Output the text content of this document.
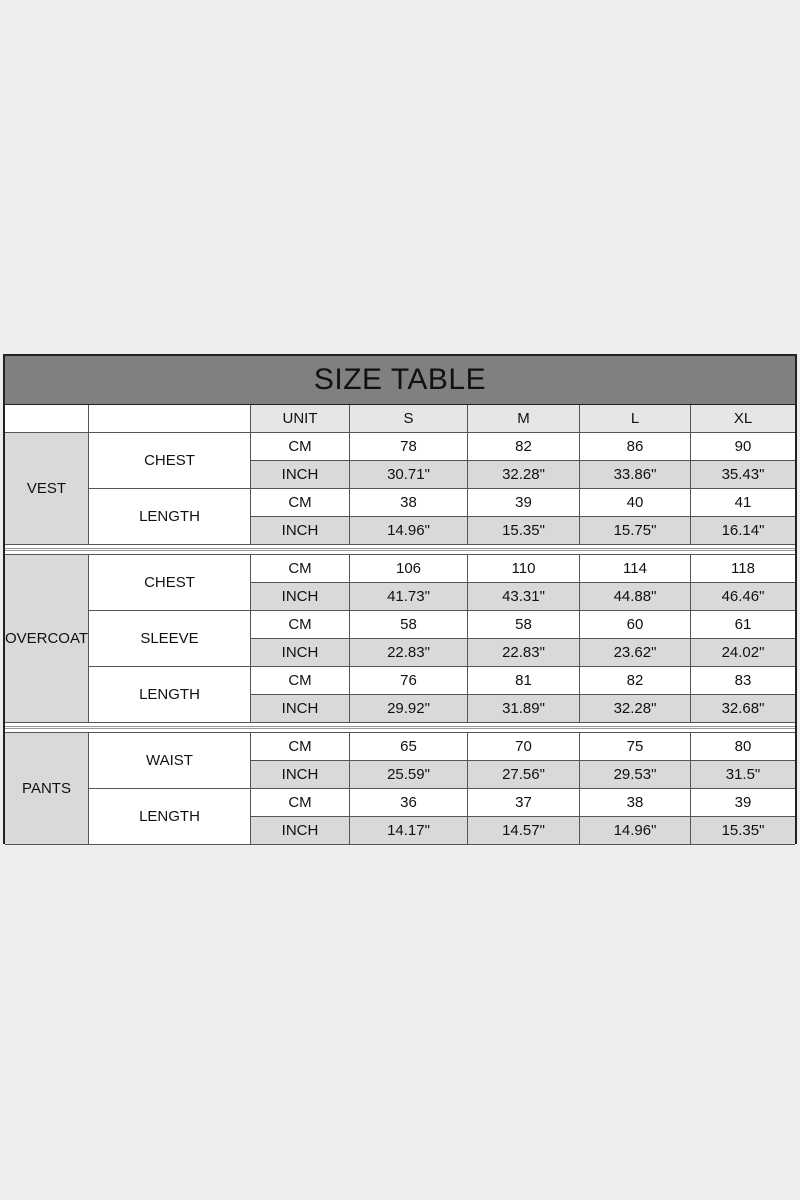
SIZE TABLE
UNIT	S	M	L	XL
VEST
CHEST
CM	78	82	86	90
INCH	30.71"	32.28"	33.86"	35.43"
LENGTH
CM	38	39	40	41
INCH	14.96"	15.35"	15.75"	16.14"
OVERCOAT
CHEST
CM	106	110	114	118
INCH	41.73"	43.31"	44.88"	46.46"
SLEEVE
CM	58	58	60	61
INCH	22.83"	22.83"	23.62"	24.02"
LENGTH
CM	76	81	82	83
INCH	29.92"	31.89"	32.28"	32.68"
PANTS
WAIST
CM	65	70	75	80
INCH	25.59"	27.56"	29.53"	31.5"
LENGTH
CM	36	37	38	39
INCH	14.17"	14.57"	14.96"	15.35"
